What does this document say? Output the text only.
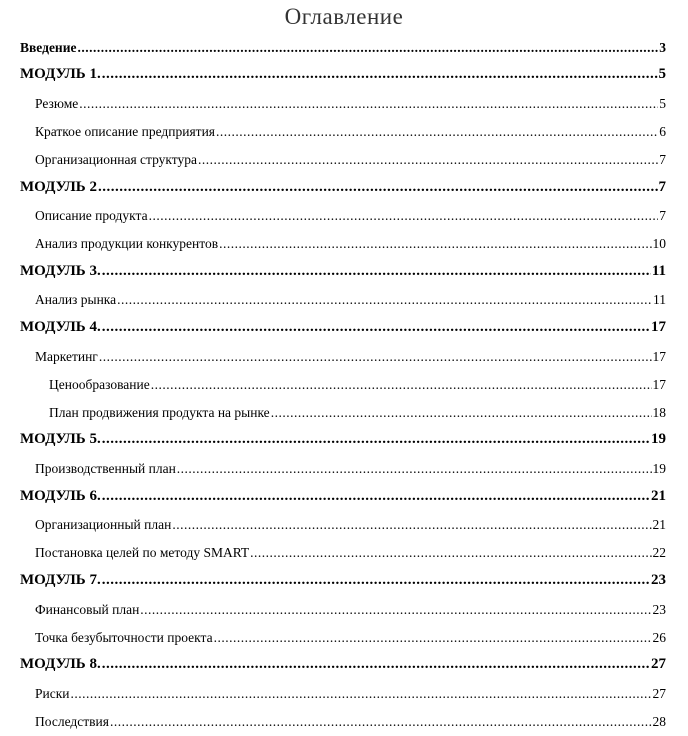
Оглавление
Введение .....	3
МОДУЛЬ 1. .....	5
Резюме .....	5
Краткое описание предприятия .....	6
Организационная структура .....	7
МОДУЛЬ 2 .....	7
Описание продукта .....	7
Анализ продукции конкурентов .....	10
МОДУЛЬ 3. .....	11
Анализ рынка .....	11
МОДУЛЬ 4. .....	17
Маркетинг .....	17
Ценообразование .....	17
План продвижения продукта на рынке .....	18
МОДУЛЬ 5. .....	19
Производственный план .....	19
МОДУЛЬ 6. .....	21
Организационный план .....	21
Постановка целей по методу SMART .....	22
МОДУЛЬ 7. .....	23
Финансовый план .....	23
Точка безубыточности проекта .....	26
МОДУЛЬ 8. .....	27
Риски .....	27
Последствия .....	28
